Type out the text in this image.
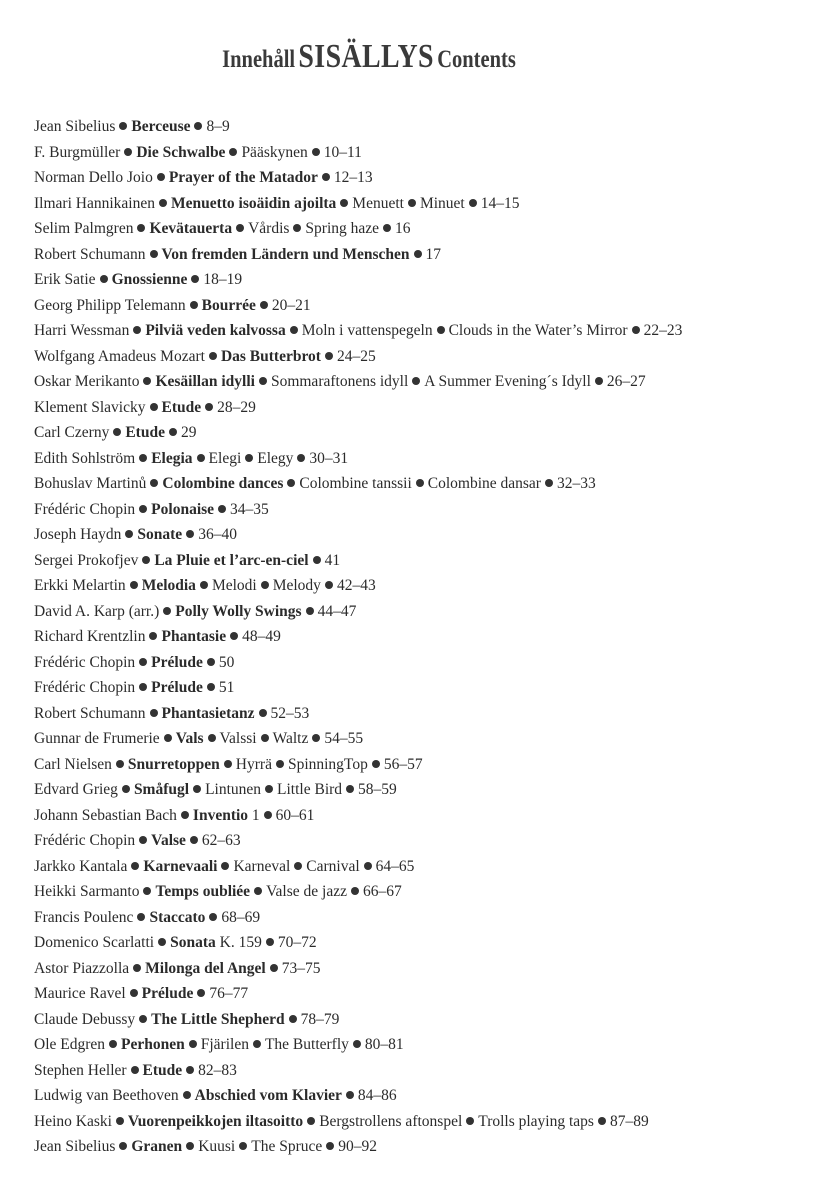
Innehåll SISÄLLYS Contents
Jean Sibelius Berceuse 8–9
F. Burgmüller Die Schwalbe Pääskynen 10–11
Norman Dello Joio Prayer of the Matador 12–13
Ilmari Hannikainen Menuetto isoäidin ajoilta Menuett Minuet 14–15
Selim Palmgren Kevätauerta Vårdis Spring haze 16
Robert Schumann Von fremden Ländern und Menschen 17
Erik Satie Gnossienne 18–19
Georg Philipp Telemann Bourrée 20–21
Harri Wessman Pilviä veden kalvossa Moln i vattenspegeln Clouds in the Water’s Mirror 22–23
Wolfgang Amadeus Mozart Das Butterbrot 24–25
Oskar Merikanto Kesäillan idylli Sommaraftonens idyll A Summer Evening´s Idyll 26–27
Klement Slavicky Etude 28–29
Carl Czerny Etude 29
Edith Sohlström Elegia Elegi Elegy 30–31
Bohuslav Martinů Colombine dances Colombine tanssii Colombine dansar 32–33
Frédéric Chopin Polonaise 34–35
Joseph Haydn Sonate 36–40
Sergei Prokofjev La Pluie et l’arc-en-ciel 41
Erkki Melartin Melodia Melodi Melody 42–43
David A. Karp (arr.) Polly Wolly Swings 44–47
Richard Krentzlin Phantasie 48–49
Frédéric Chopin Prélude 50
Frédéric Chopin Prélude 51
Robert Schumann Phantasietanz 52–53
Gunnar de Frumerie Vals Valssi Waltz 54–55
Carl Nielsen Snurretoppen Hyrrä SpinningTop 56–57
Edvard Grieg Småfugl Lintunen Little Bird 58–59
Johann Sebastian Bach Inventio 1 60–61
Frédéric Chopin Valse 62–63
Jarkko Kantala Karnevaali Karneval Carnival 64–65
Heikki Sarmanto Temps oubliée Valse de jazz 66–67
Francis Poulenc Staccato 68–69
Domenico Scarlatti Sonata K. 159 70–72
Astor Piazzolla Milonga del Angel 73–75
Maurice Ravel Prélude 76–77
Claude Debussy The Little Shepherd 78–79
Ole Edgren Perhonen Fjärilen The Butterfly 80–81
Stephen Heller Etude 82–83
Ludwig van Beethoven Abschied vom Klavier 84–86
Heino Kaski Vuorenpeikkojen iltasoitto Bergstrollens aftonspel Trolls playing taps 87–89
Jean Sibelius Granen Kuusi The Spruce 90–92
